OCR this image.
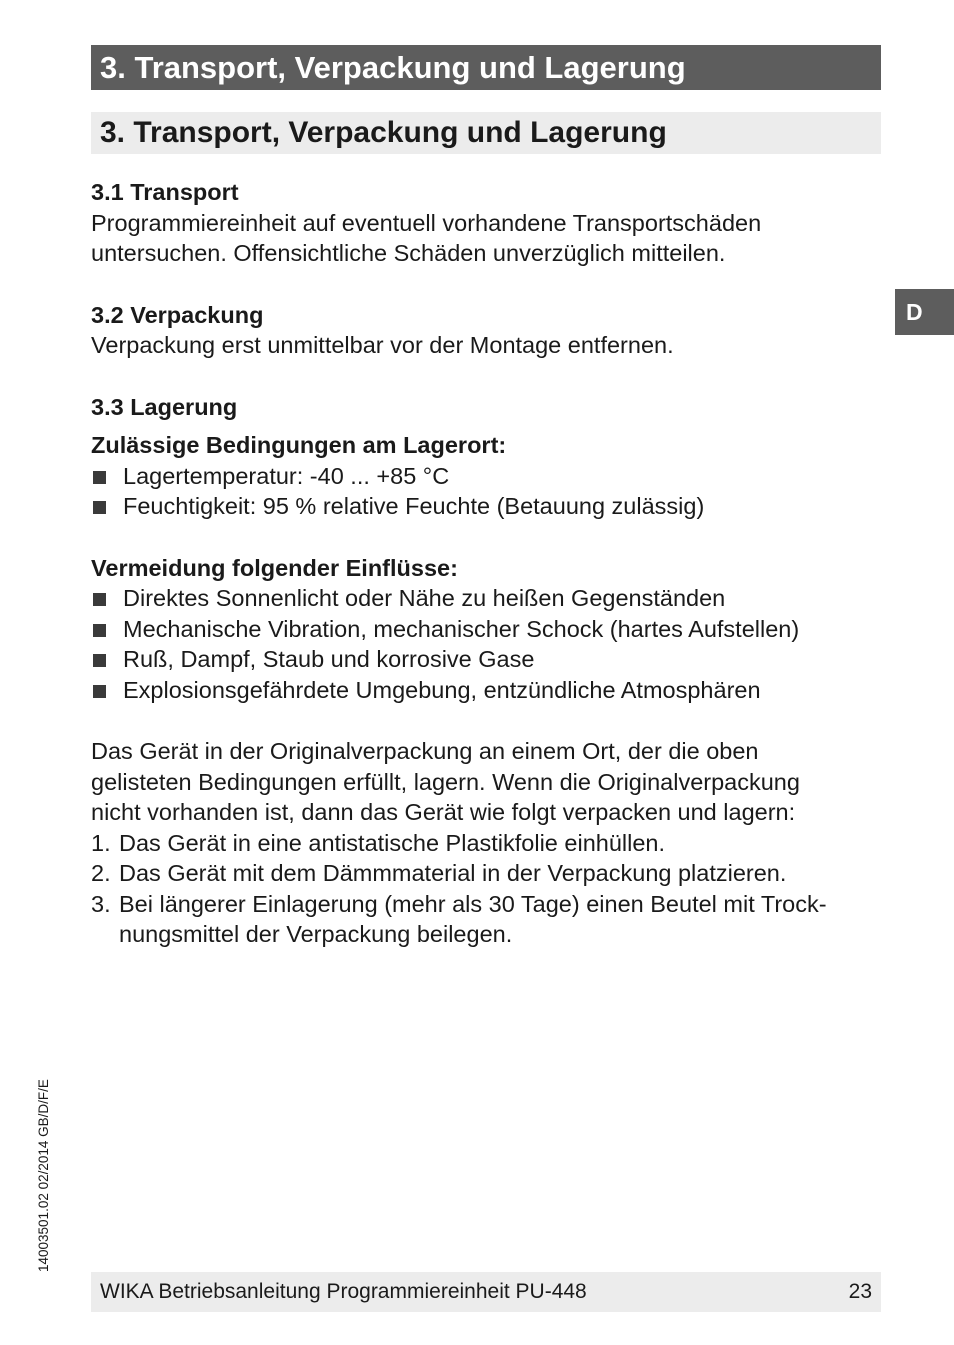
3. Transport, Verpackung und Lagerung
3. Transport, Verpackung und Lagerung
D
3.1 Transport

Programmiereinheit auf eventuell vorhandene Transportschäden
untersuchen. Offensichtliche Schäden unverzüglich mitteilen.

3.2 Verpackung

Verpackung erst unmittelbar vor der Montage entfernen.

3.3 Lagerung
Zulässige Bedingungen am Lagerort:
Lagertemperatur: -40 ... +85 °C
Feuchtigkeit: 95 % relative Feuchte (Betauung zulässig)
Vermeidung folgender Einflüsse:
Direktes Sonnenlicht oder Nähe zu heißen Gegenständen
Mechanische Vibration, mechanischer Schock (hartes Aufstellen)
Ruß, Dampf, Staub und korrosive Gase
Explosionsgefährdete Umgebung, entzündliche Atmosphären

Das Gerät in der Originalverpackung an einem Ort, der die oben
gelisteten Bedingungen erfüllt, lagern. Wenn die Originalverpackung
nicht vorhanden ist, dann das Gerät wie folgt verpacken und lagern:

1. Das Gerät in eine antistatische Plastikfolie einhüllen.
2. Das Gerät mit dem Dämmmaterial in der Verpackung platzieren.
3. Bei längerer Einlagerung (mehr als 30 Tage) einen Beutel mit Trock-
nungsmittel der Verpackung beilegen.
14003501.02 02/2014 GB/D/F/E
WIKA Betriebsanleitung Programmiereinheit PU-448	23
